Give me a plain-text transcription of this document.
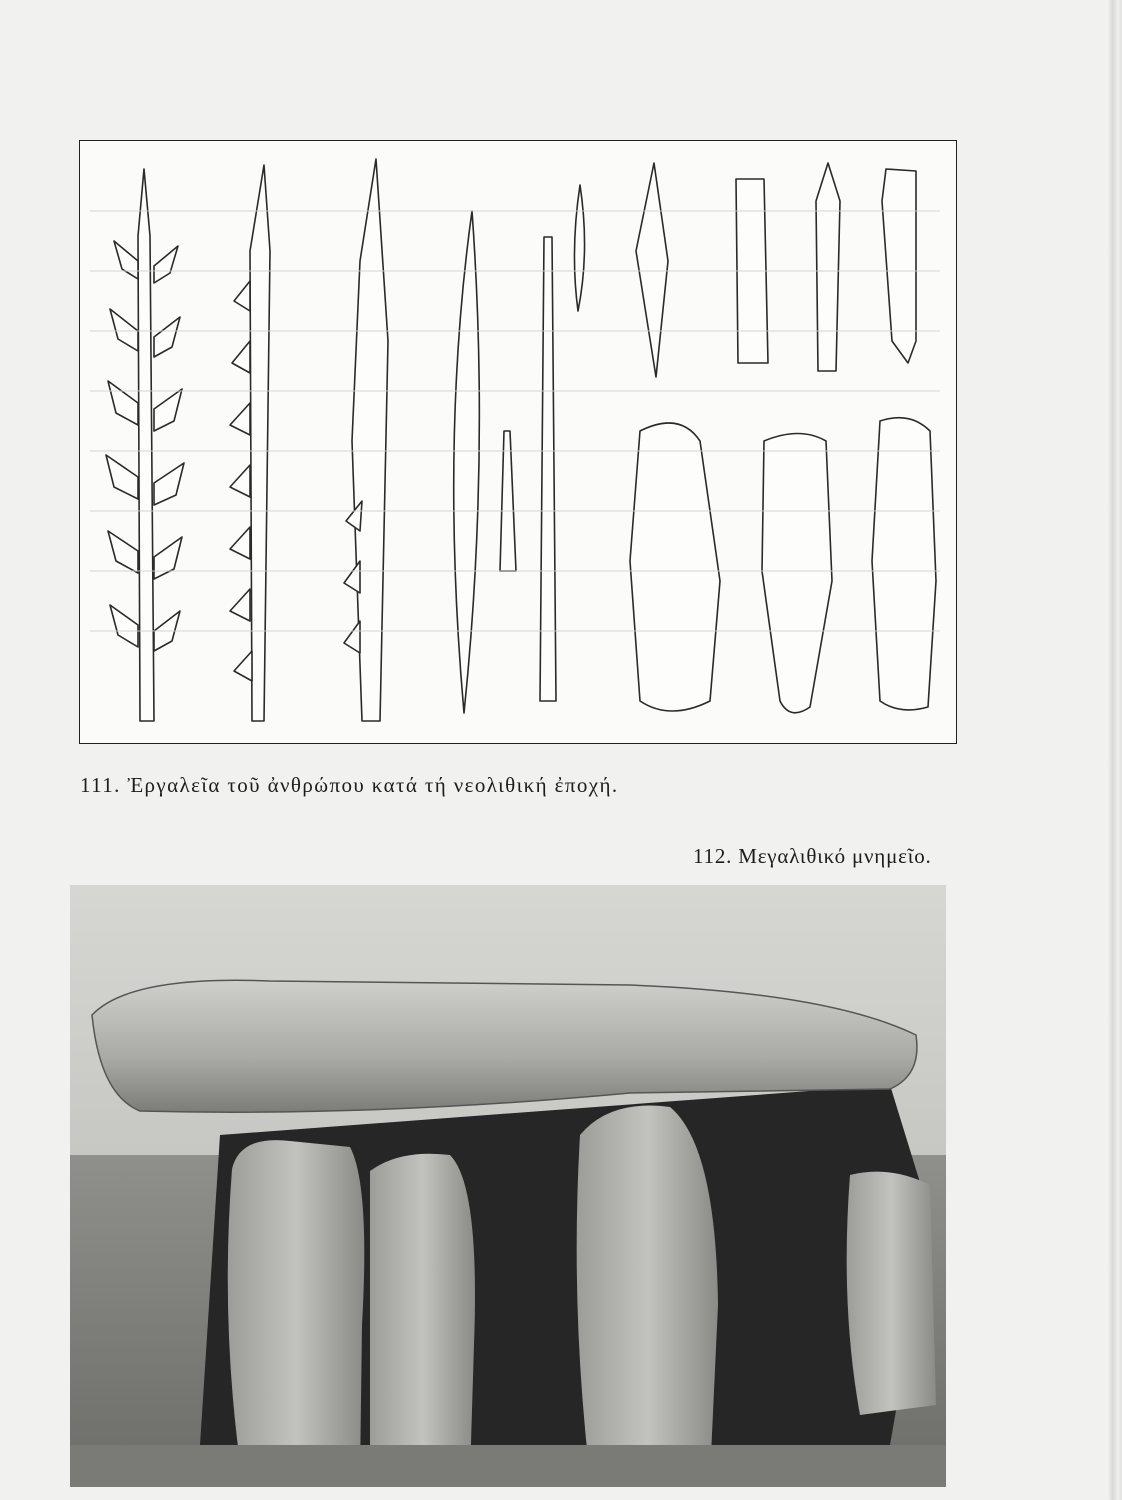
111. Ἐργαλεῖα τοῦ ἀνθρώπου κατά τή νεολιθική ἐποχή.
112. Μεγαλιθικό μνημεῖο.
